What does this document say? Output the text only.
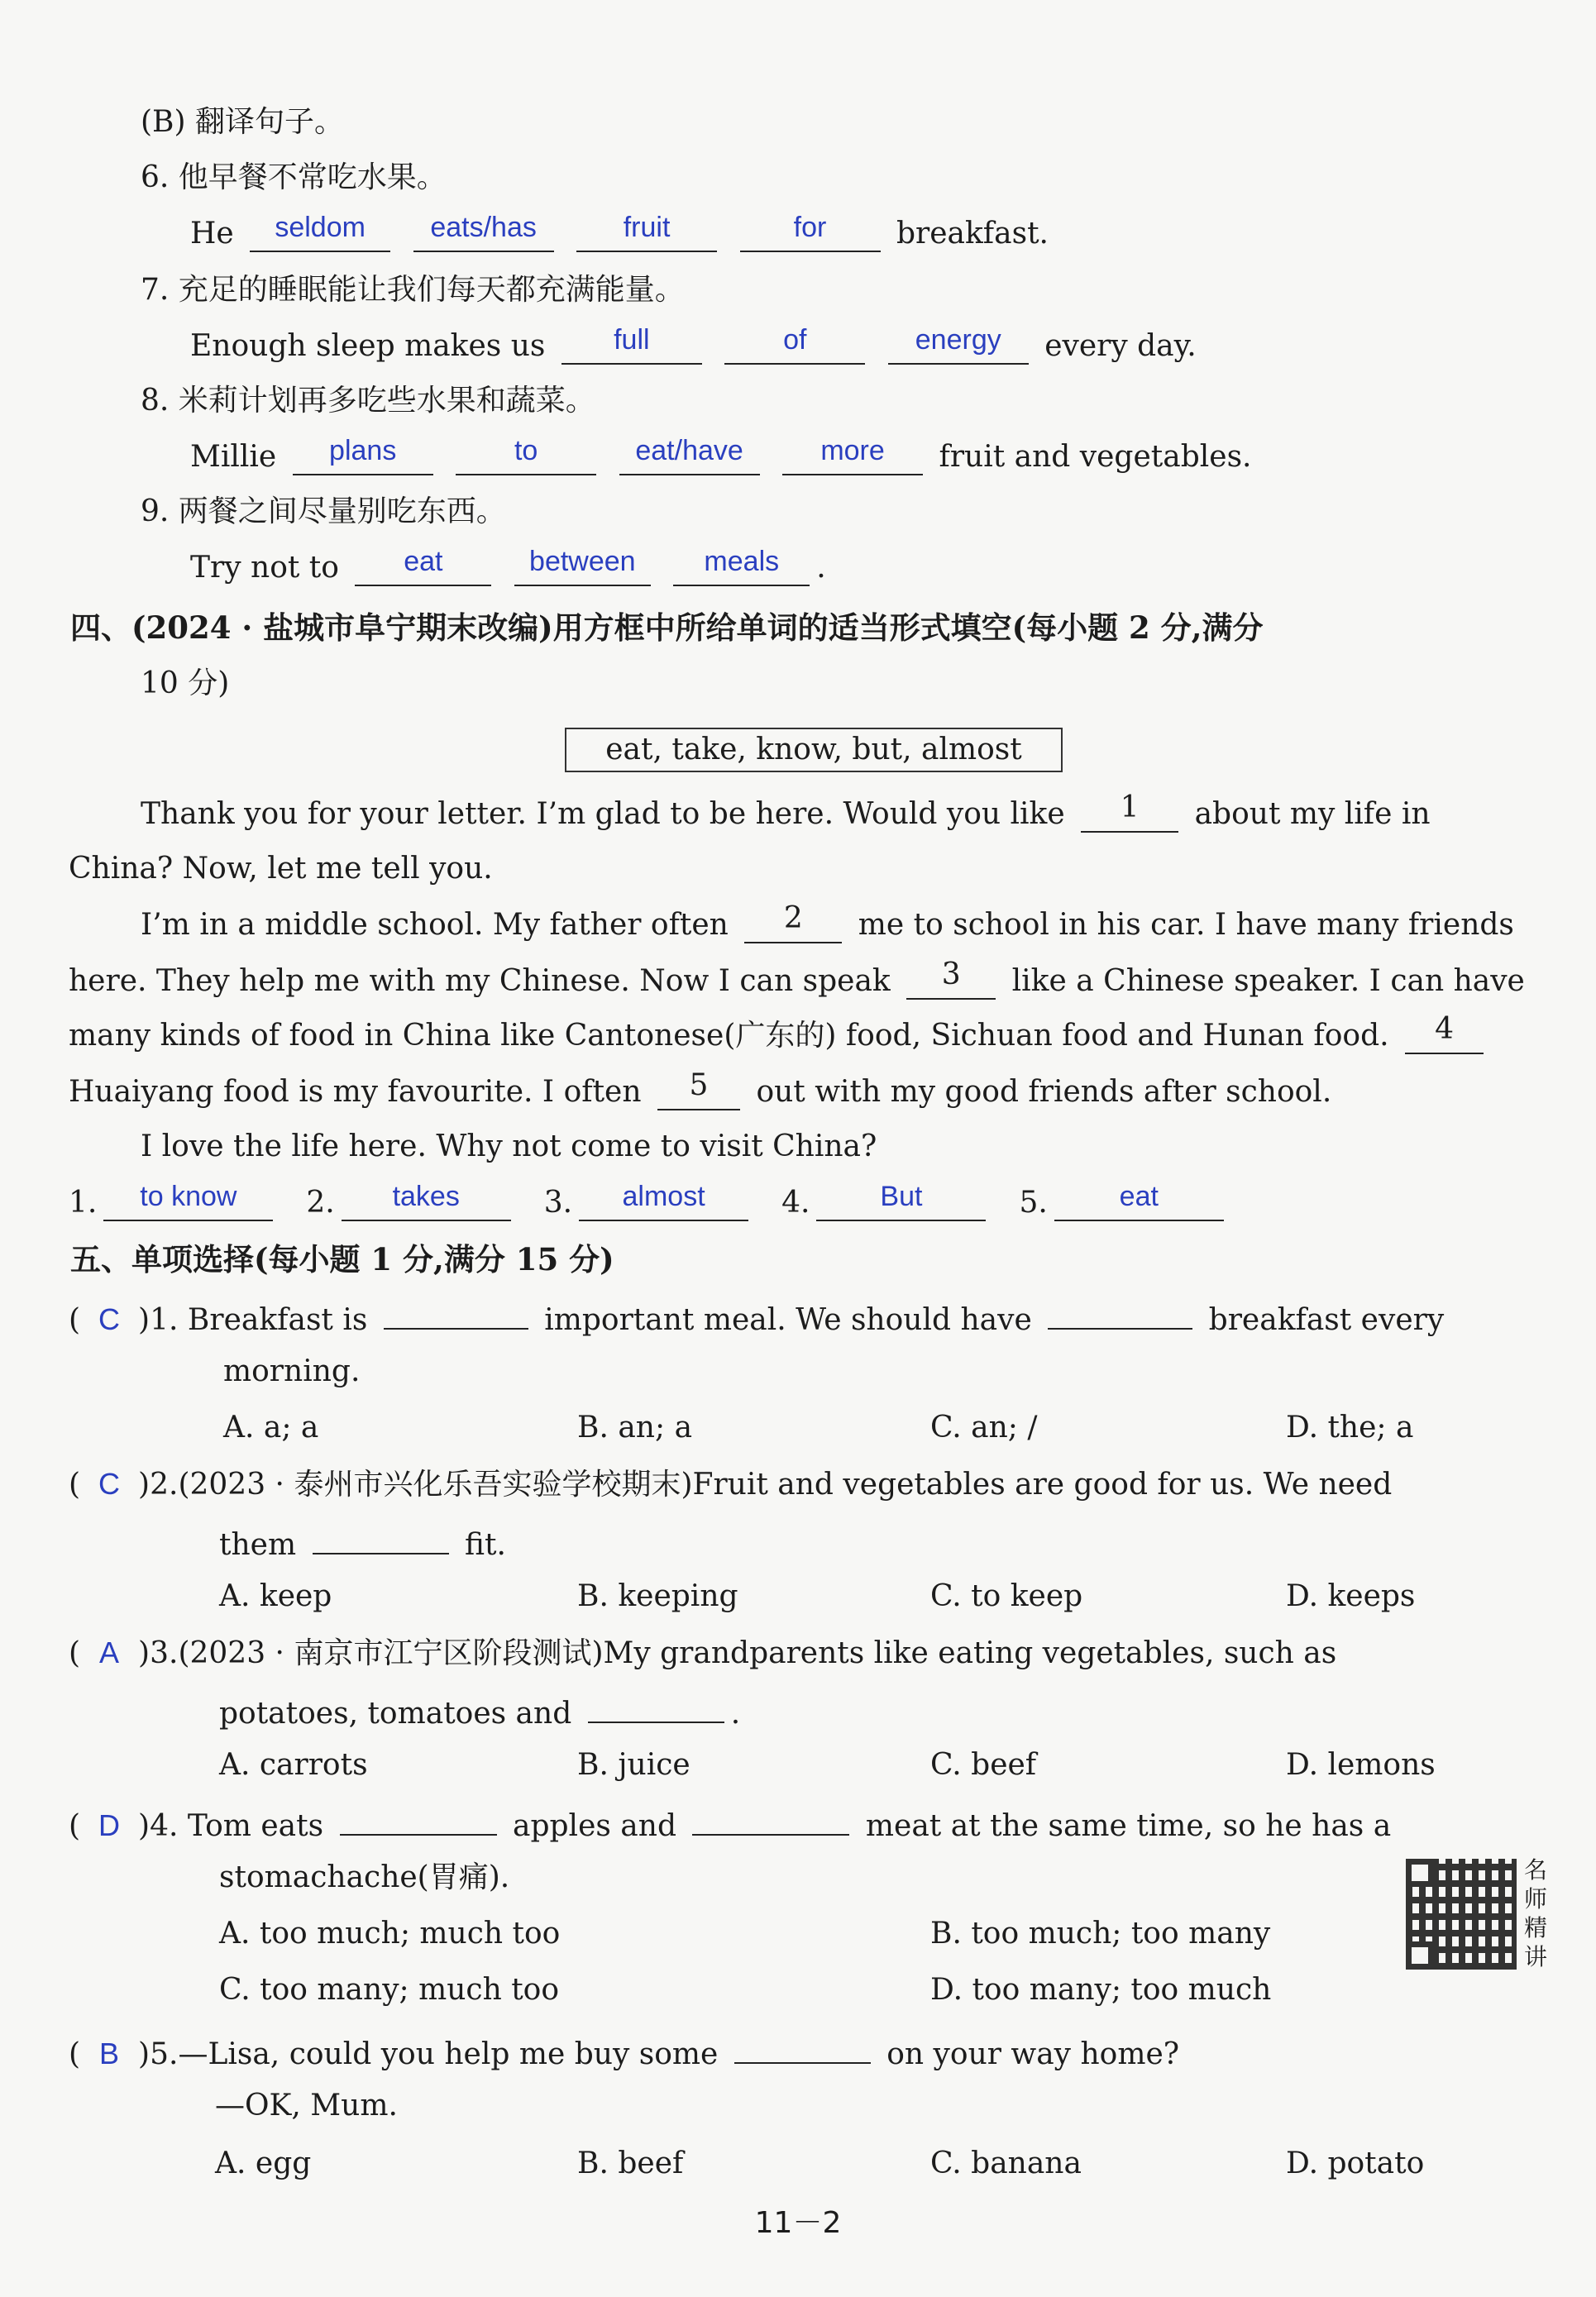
(B) 翻译句子。
6. 他早餐不常吃水果。
He seldom eats/has	fruit	for breakfast.
7. 充足的睡眠能让我们每天都充满能量。
Enough sleep makes us full	of	energy every day.
8. 米莉计划再多吃些水果和蔬菜。
Millie plans	to	eat/have	more fruit and vegetables.
9. 两餐之间尽量别吃东西。
Try not to eat	between meals .
四、(2024 · 盐城市阜宁期末改编)用方框中所给单词的适当形式填空(每小题 2 分,满分
10 分)
eat, take, know, but, almost
Thank you for your letter. I’m glad to be here. Would you like 1 about my life in
China? Now, let me tell you.
I’m in a middle school. My father often 2 me to school in his car. I have many friends
here. They help me with my Chinese. Now I can speak 3 like a Chinese speaker. I can have
many kinds of food in China like Cantonese(广东的) food, Sichuan food and Hunan food. 4
Huaiyang food is my favourite. I often 5 out with my good friends after school.
I love the life here. Why not come to visit China?
1. to know 2. takes	3. almost	4. But	5.	eat
五、单项选择(每小题 1 分,满分 15 分)
( C )1. Breakfast is	important meal. We should have	breakfast every
morning.
A. a; a	B. an; a	C. an; /	D. the; a
( C )2.(2023 · 泰州市兴化乐吾实验学校期末)Fruit and vegetables are good for us. We need
them	fit.
A. keep	B. keeping	C. to keep	D. keeps
( A )3.(2023 · 南京市江宁区阶段测试)My grandparents like eating vegetables, such as
potatoes, tomatoes and	.
A. carrots	B. juice	C. beef	D. lemons
( D )4. Tom eats	apples and	meat at the same time, so he has a
stomachache(胃痛).
A. too much; much too	B. too much; too many
C. too many; much too	D. too many; too much
( B )5.—Lisa, could you help me buy some	on your way home?
—OK, Mum.
A. egg	B. beef	C. banana	D. potato
名师精讲
11－2
